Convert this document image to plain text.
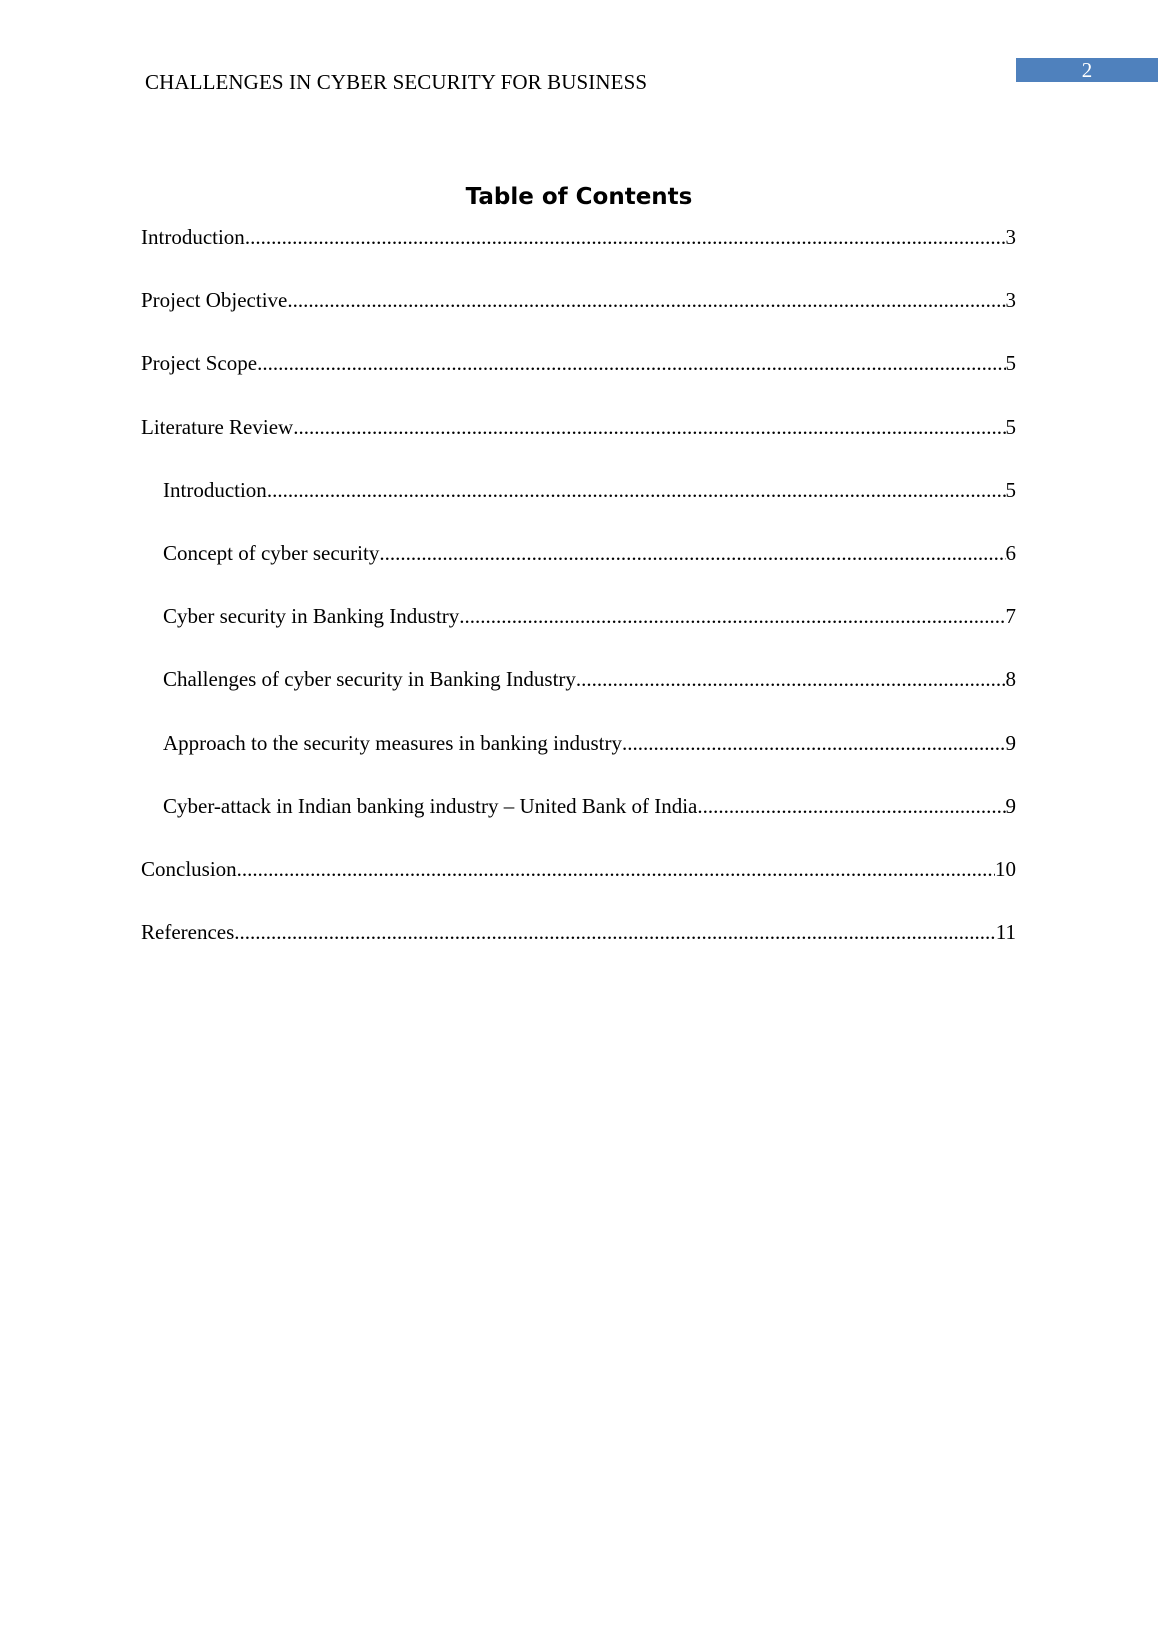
CHALLENGES IN CYBER SECURITY FOR BUSINESS	2
Table of Contents
Introduction .....	3
Project Objective .....	3
Project Scope .....	5
Literature Review .....	5
Introduction .....	5
Concept of cyber security .....	6
Cyber security in Banking Industry .....	7
Challenges of cyber security in Banking Industry .....	8
Approach to the security measures in banking industry .....	9
Cyber-attack in Indian banking industry – United Bank of India .....	9
Conclusion .....	10
References .....	11
